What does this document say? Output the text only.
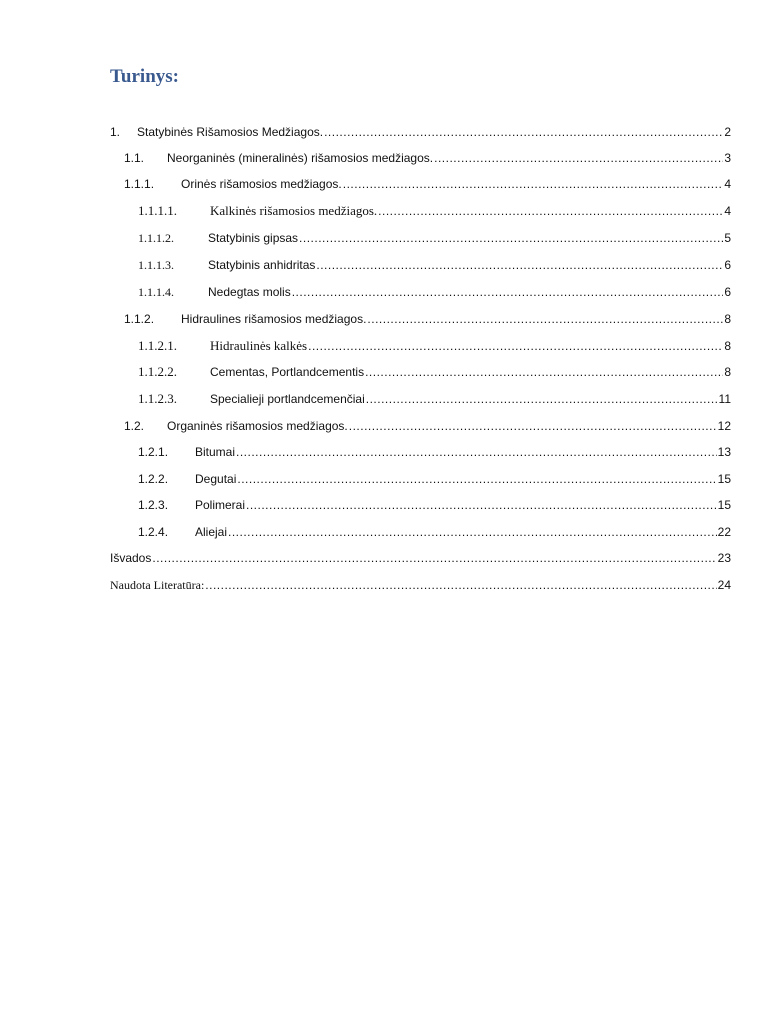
Turinys:
1.	Statybinės Rišamosios Medžiagos. .....	2
1.1.	Neorganinės (mineralinės) rišamosios medžiagos. .....	3
1.1.1.	Orinės rišamosios medžiagos. .....	4
1.1.1.1.	Kalkinės rišamosios medžiagos. .....	4
1.1.1.2.	Statybinis gipsas .....	5
1.1.1.3.	Statybinis anhidritas .....	6
1.1.1.4.	Nedegtas molis .....	6
1.1.2.	Hidraulines rišamosios medžiagos. .....	8
1.1.2.1.	Hidraulinės kalkės .....	8
1.1.2.2.	Cementas, Portlandcementis .....	8
1.1.2.3.	Specialieji portlandcemenčiai .....	11
1.2.	Organinės rišamosios medžiagos. .....	12
1.2.1.	Bitumai .....	13
1.2.2.	Degutai .....	15
1.2.3.	Polimerai .....	15
1.2.4.	Aliejai .....	22
Išvados .....	23
Naudota Literatūra: .....	24
